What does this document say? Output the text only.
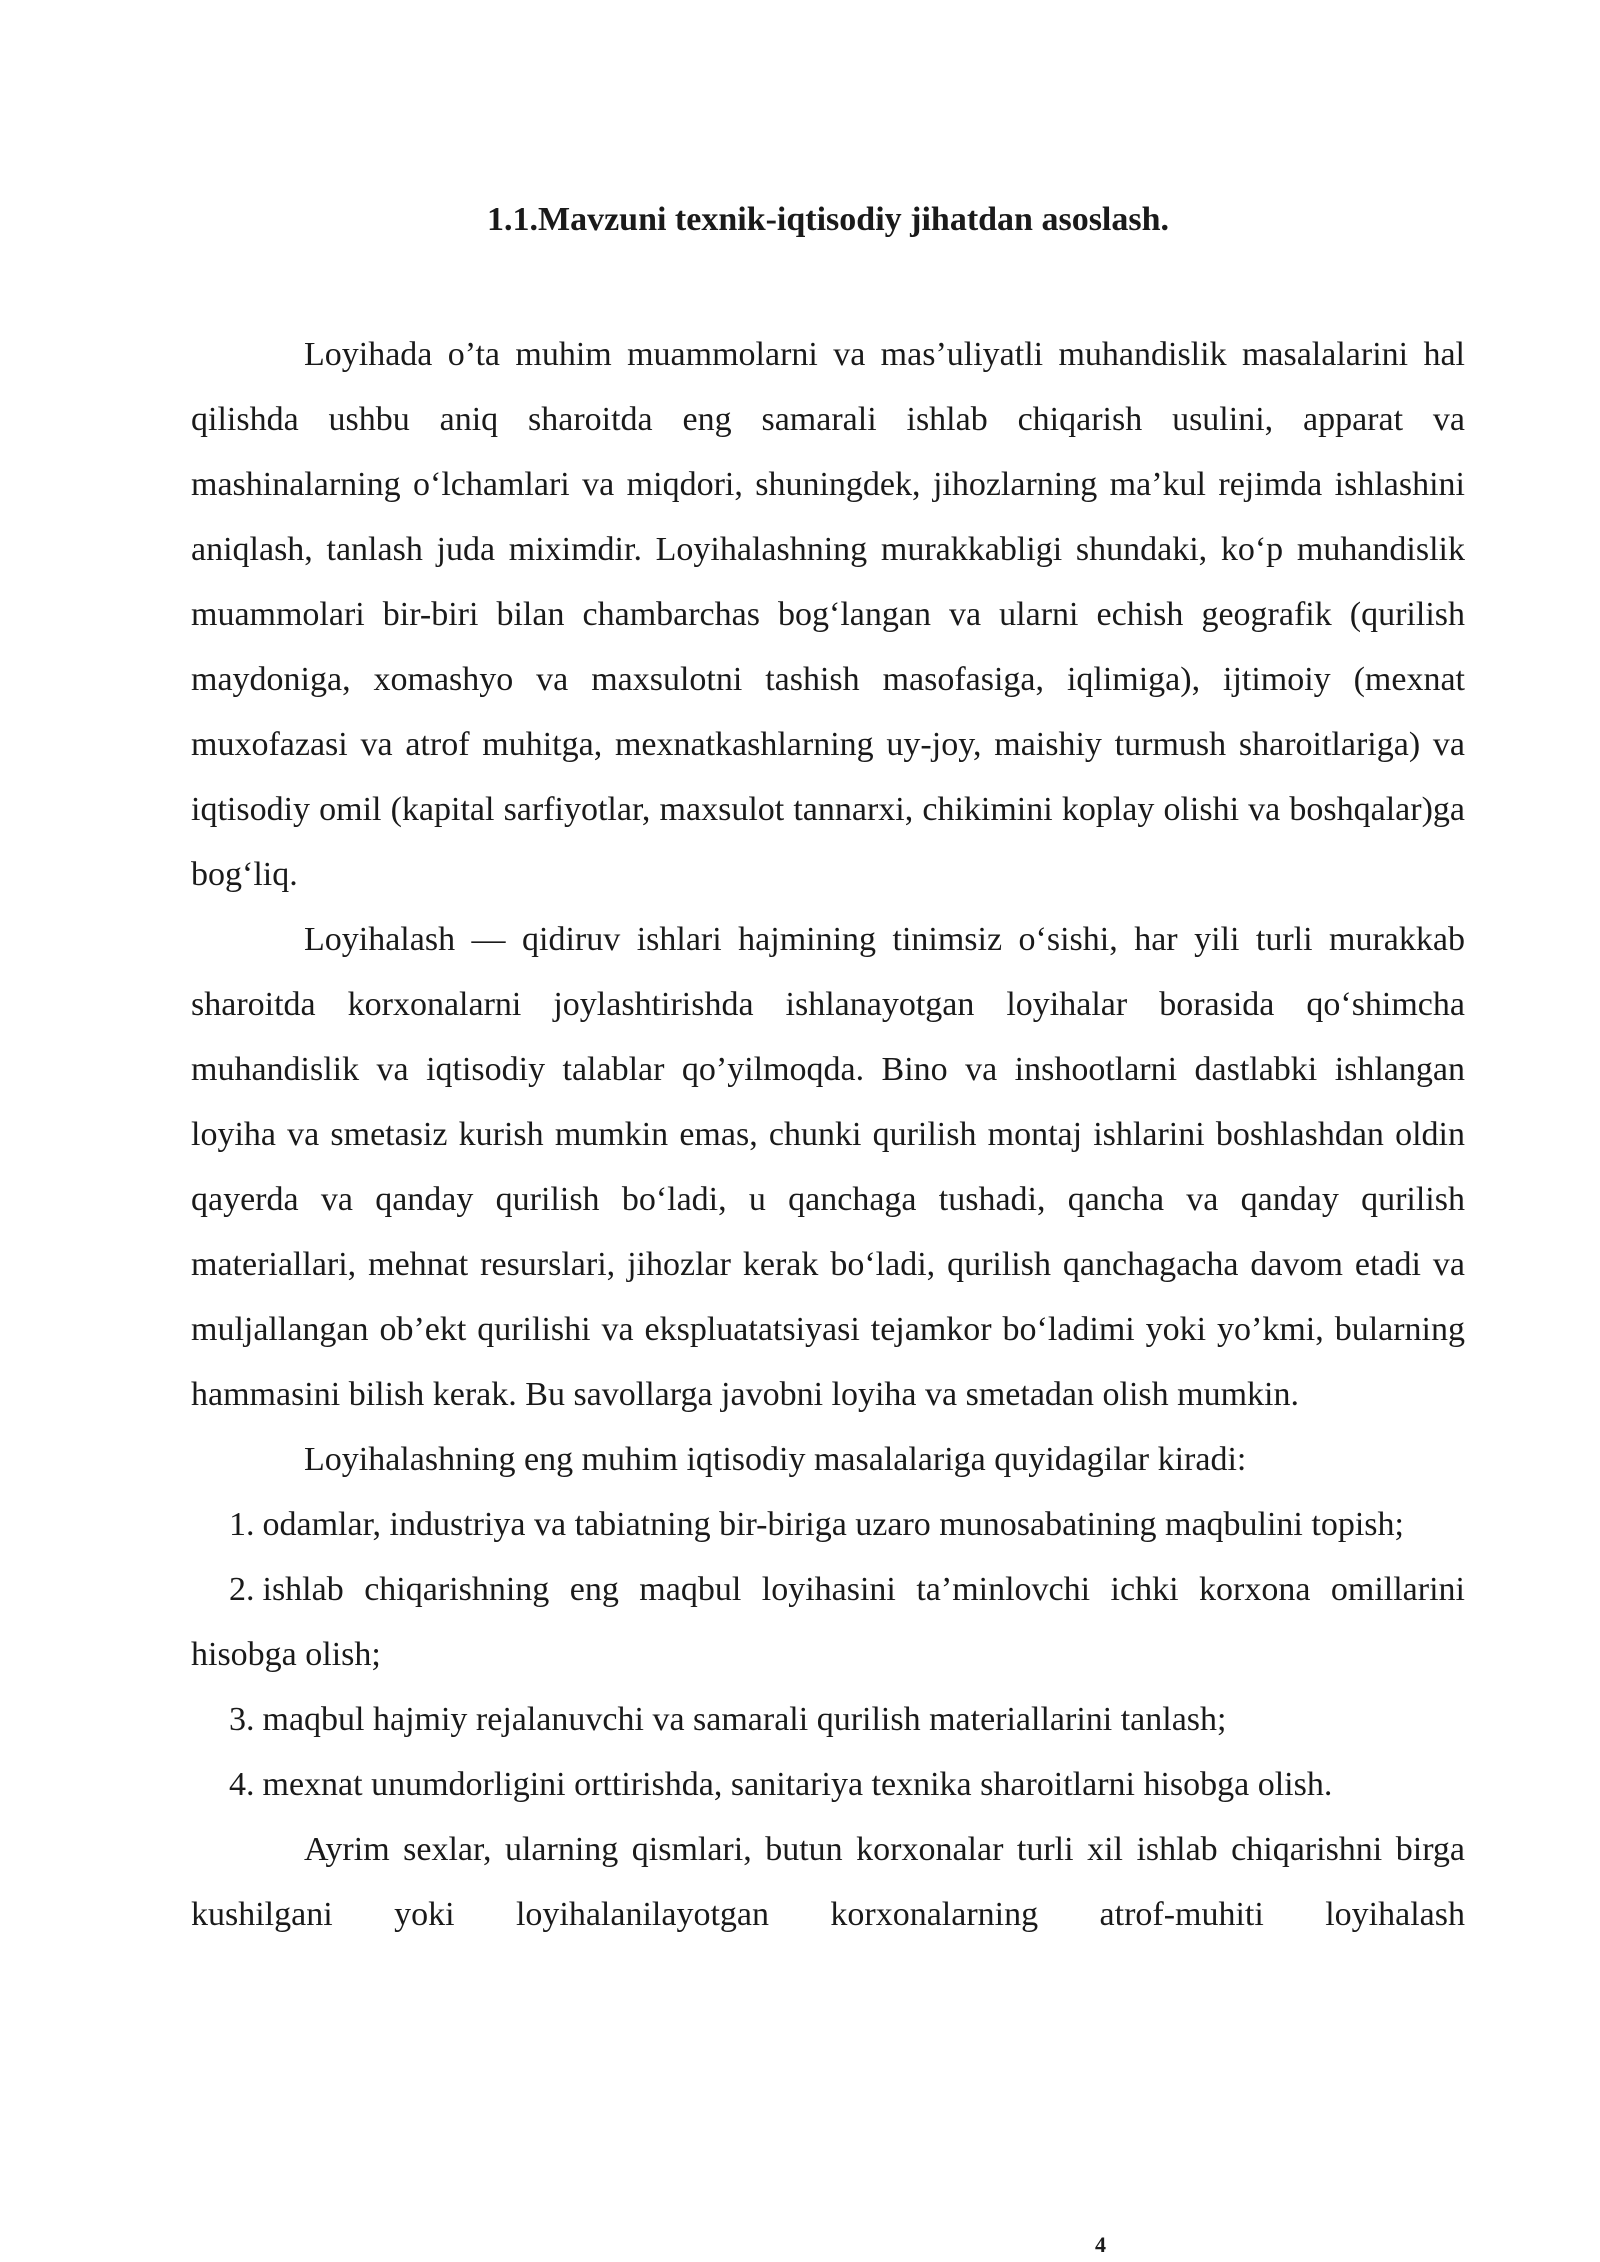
1.1.Mavzuni texnik-iqtisodiy jihatdan asoslash.

Loyihada o’ta muhim muammolarni va mas’uliyatli muhandislik masalalarini hal qilishda ushbu aniq sharoitda eng samarali ishlab chiqarish usulini, apparat va mashinalarning o‘lchamlari va miqdori, shuningdek, jihozlarning ma’kul rejimda ishlashini aniqlash, tanlash juda miximdir. Loyihalashning murakkabligi shundaki, ko‘p muhandislik muammolari bir-biri bilan chambarchas bog‘langan va ularni echish geografik (qurilish maydoniga, xomashyo va maxsulotni tashish masofasiga, iqlimiga), ijtimoiy (mexnat muxofazasi va atrof muhitga, mexnatkashlarning uy-joy, maishiy turmush sharoitlariga) va iqtisodiy omil (kapital sarfiyotlar, maxsulot tannarxi, chikimini koplay olishi va boshqalar)ga bog‘liq.

Loyihalash — qidiruv ishlari hajmining tinimsiz o‘sishi, har yili turli murakkab sharoitda korxonalarni joylashtirishda ishlanayotgan loyihalar borasida qo‘shimcha muhandislik va iqtisodiy talablar qo’yilmoqda. Bino va inshootlarni dastlabki ishlangan loyiha va smetasiz kurish mumkin emas, chunki qurilish montaj ishlarini boshlashdan oldin qayerda va qanday qurilish bo‘ladi, u qanchaga tushadi, qancha va qanday qurilish materiallari, mehnat resurslari, jihozlar kerak bo‘ladi, qurilish qanchagacha davom etadi va muljallangan ob’ekt qurilishi va ekspluatatsiyasi tejamkor bo‘ladimi yoki yo’kmi, bularning hammasini bilish kerak. Bu savollarga javobni loyiha va smetadan olish mumkin.

Loyihalashning eng muhim iqtisodiy masalalariga quyidagilar kiradi:

1. odamlar, industriya va tabiatning bir-biriga uzaro munosabatining maqbulini topish;

2. ishlab chiqarishning eng maqbul loyihasini ta’minlovchi ichki korxona omillarini hisobga olish;

3. maqbul hajmiy rejalanuvchi va samarali qurilish materiallarini tanlash;

4. mexnat unumdorligini orttirishda, sanitariya texnika sharoitlarni hisobga olish.

Ayrim sexlar, ularning qismlari, butun korxonalar turli xil ishlab chiqarishni birga kushilgani yoki loyihalanilayotgan korxonalarning atrof-muhiti loyihalash

4
